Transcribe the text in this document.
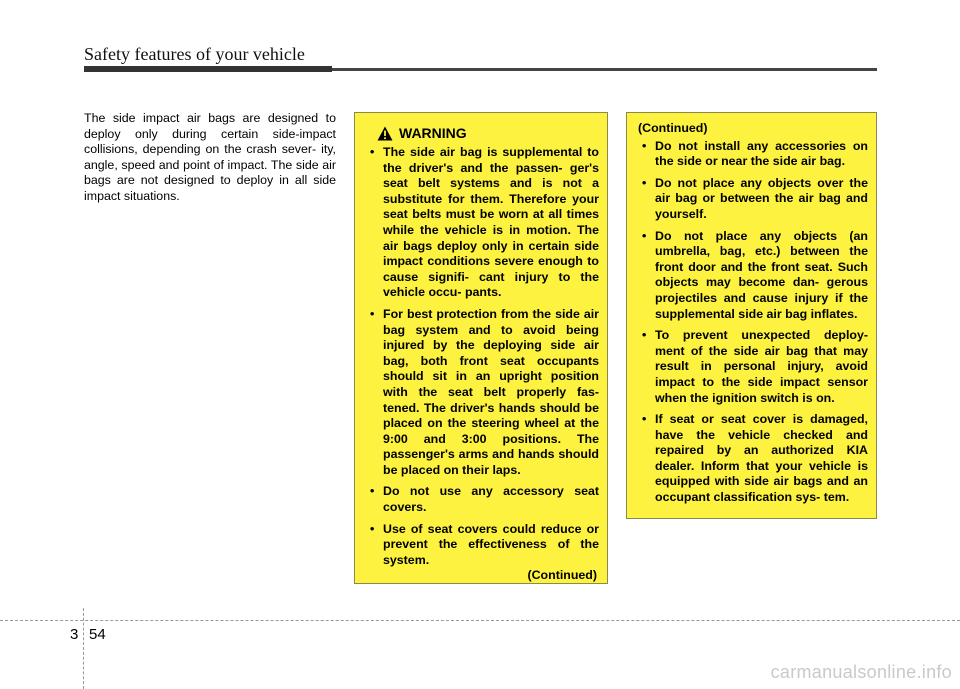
Safety features of your vehicle
The side impact air bags are designed to deploy only during certain side-impact collisions, depending on the crash sever- ity, angle, speed and point of impact. The side air bags are not designed to deploy in all side impact situations.
WARNING
• The side air bag is supplemental to the driver's and the passen- ger's seat belt systems and is not a substitute for them. Therefore your seat belts must be worn at all times while the vehicle is in motion. The air bags deploy only in certain side impact conditions severe enough to cause signifi- cant injury to the vehicle occu- pants.
• For best protection from the side air bag system and to avoid being injured by the deploying side air bag, both front seat occupants should sit in an upright position with the seat belt properly fas- tened. The driver's hands should be placed on the steering wheel at the 9:00 and 3:00 positions. The passenger's arms and hands should be placed on their laps.
• Do not use any accessory seat covers.
• Use of seat covers could reduce or prevent the effectiveness of the system.
(Continued)
(Continued)
• Do not install any accessories on the side or near the side air bag.
• Do not place any objects over the air bag or between the air bag and yourself.
• Do not place any objects (an umbrella, bag, etc.) between the front door and the front seat. Such objects may become dan- gerous projectiles and cause injury if the supplemental side air bag inflates.
• To prevent unexpected deploy- ment of the side air bag that may result in personal injury, avoid impact to the side impact sensor when the ignition switch is on.
• If seat or seat cover is damaged, have the vehicle checked and repaired by an authorized KIA dealer. Inform that your vehicle is equipped with side air bags and an occupant classification sys- tem.
3 54
carmanualsonline.info
